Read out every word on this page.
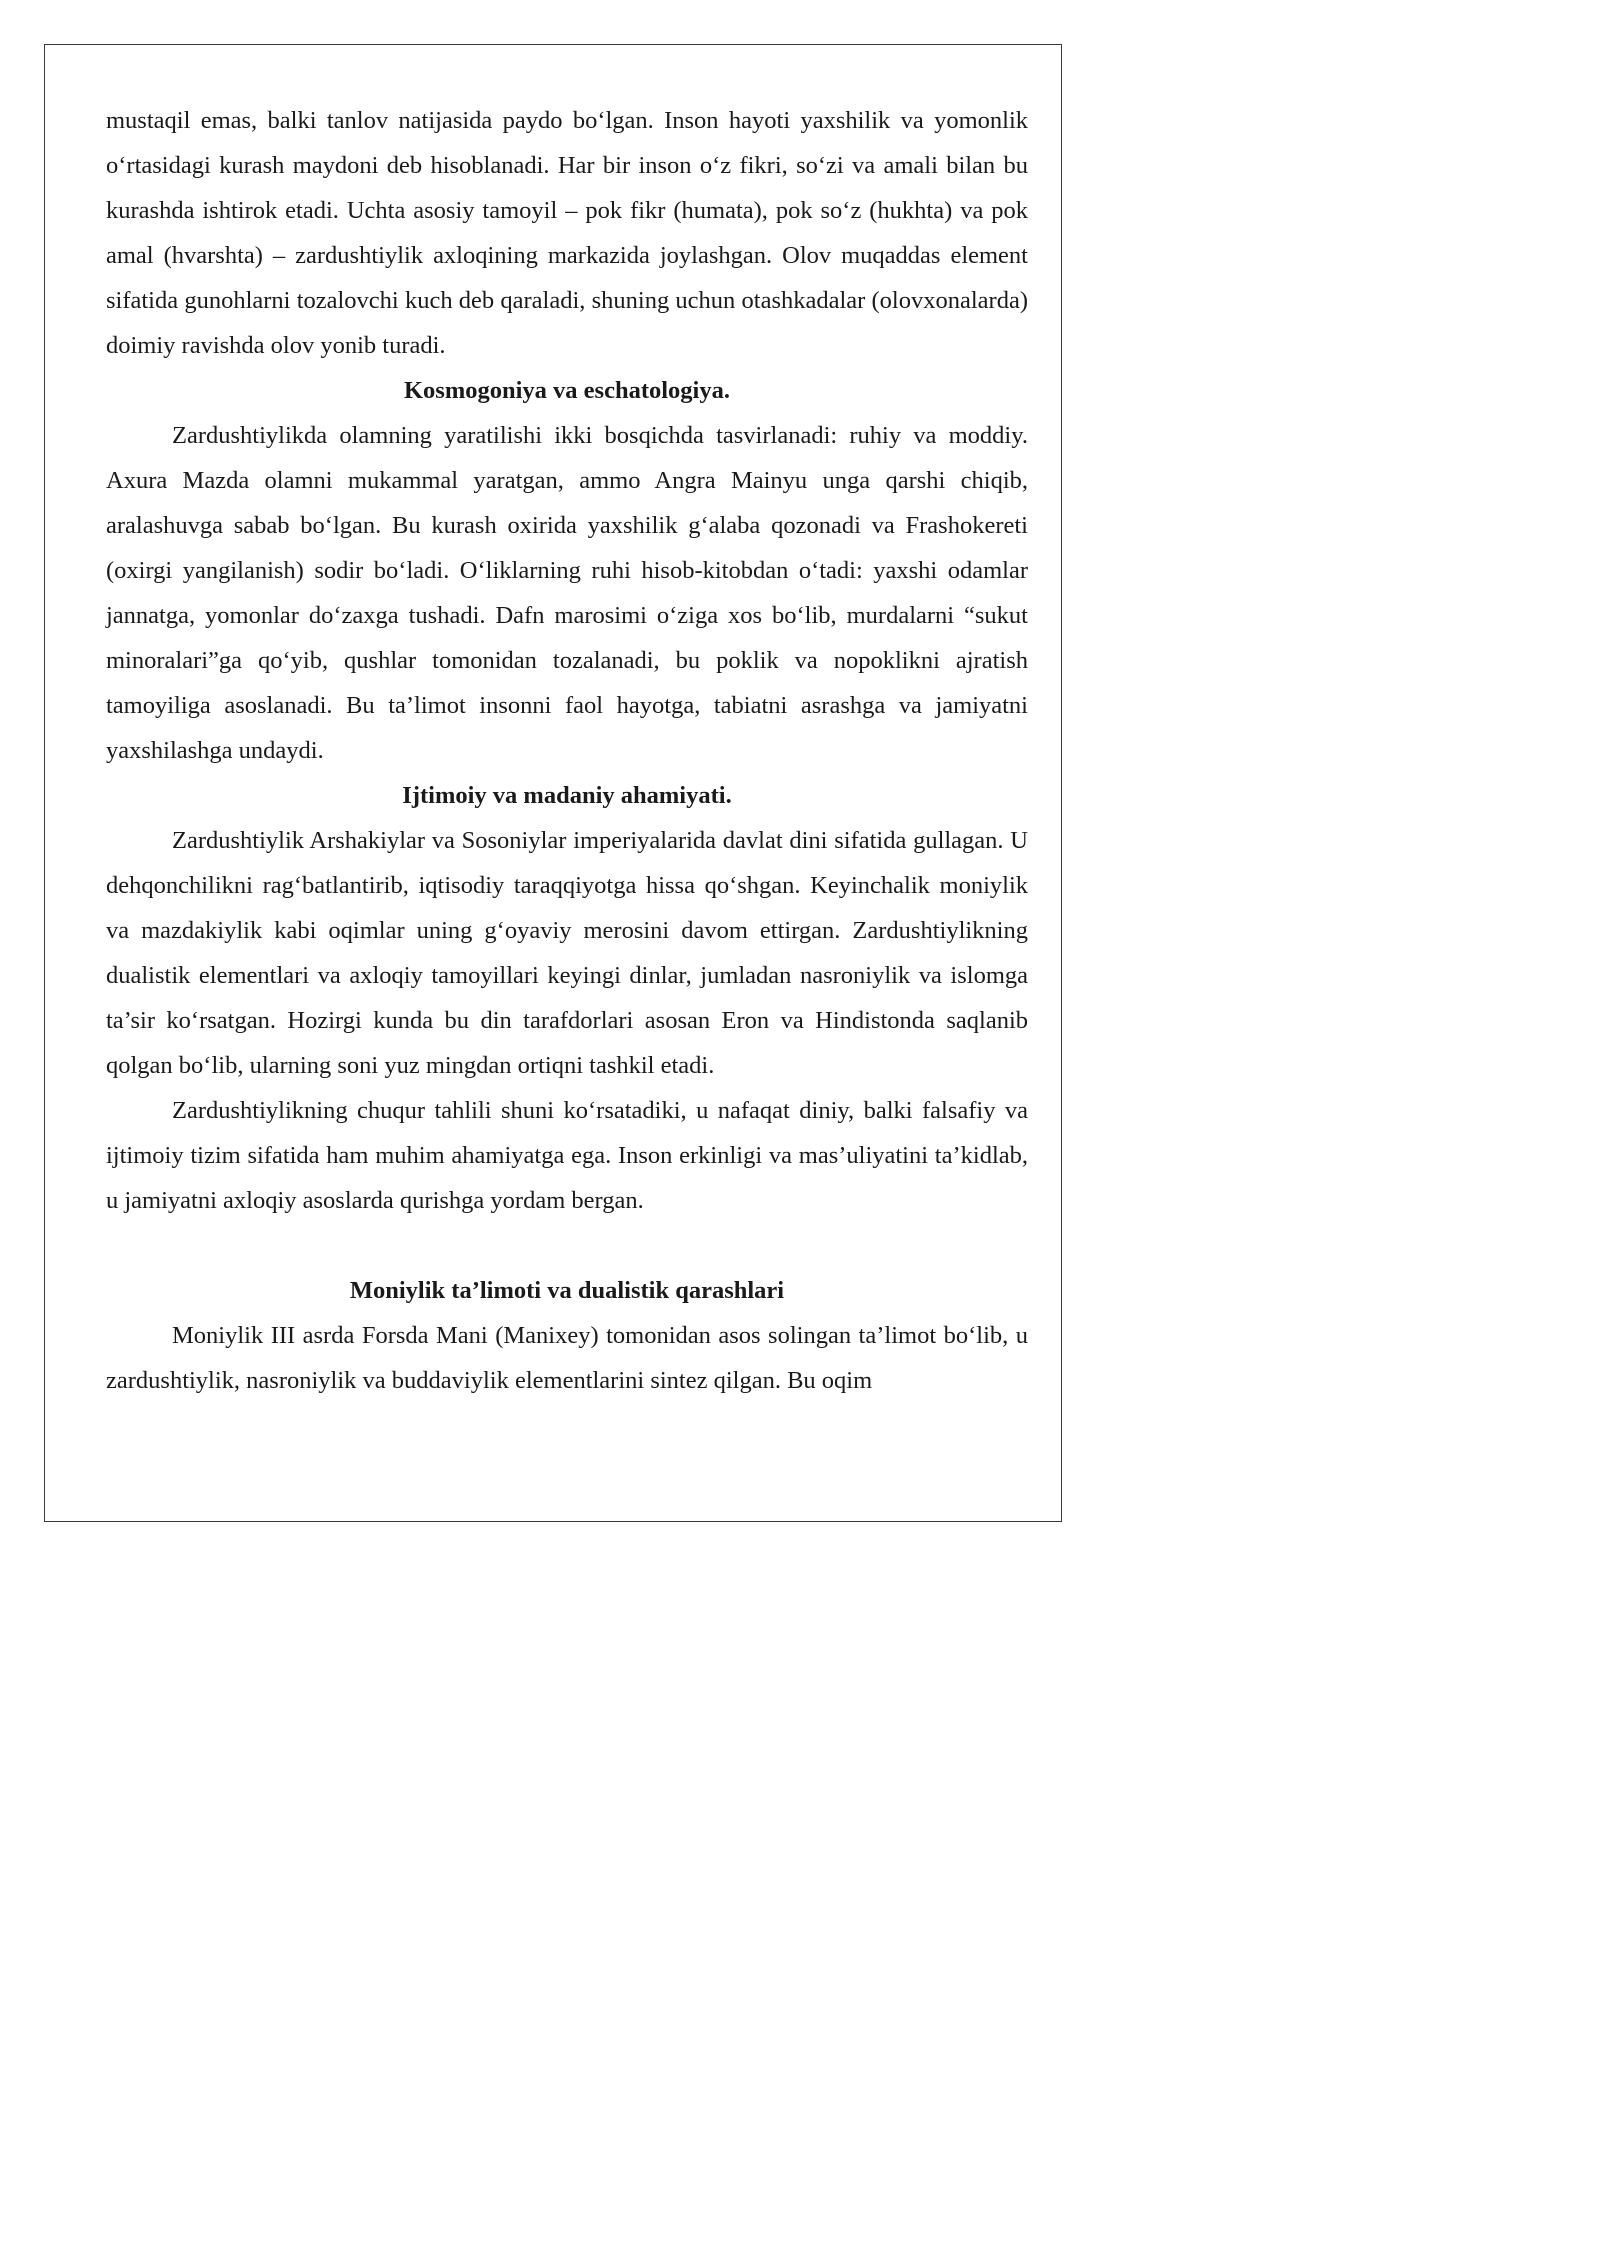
mustaqil emas, balki tanlov natijasida paydo bo‘lgan. Inson hayoti yaxshilik va yomonlik o‘rtasidagi kurash maydoni deb hisoblanadi. Har bir inson o‘z fikri, so‘zi va amali bilan bu kurashda ishtirok etadi. Uchta asosiy tamoyil – pok fikr (humata), pok so‘z (hukhta) va pok amal (hvarshta) – zardushtiylik axloqining markazida joylashgan. Olov muqaddas element sifatida gunohlarni tozalovchi kuch deb qaraladi, shuning uchun otashkadalar (olovxonalarda) doimiy ravishda olov yonib turadi.

Kosmogoniya va eschatologiya.

Zardushtiylikda olamning yaratilishi ikki bosqichda tasvirlanadi: ruhiy va moddiy. Axura Mazda olamni mukammal yaratgan, ammo Angra Mainyu unga qarshi chiqib, aralashuvga sabab bo‘lgan. Bu kurash oxirida yaxshilik g‘alaba qozonadi va Frashokereti (oxirgi yangilanish) sodir bo‘ladi. O‘liklarning ruhi hisob-kitobdan o‘tadi: yaxshi odamlar jannatga, yomonlar do‘zaxga tushadi. Dafn marosimi o‘ziga xos bo‘lib, murdalarni “sukut minoralari”ga qo‘yib, qushlar tomonidan tozalanadi, bu poklik va nopoklikni ajratish tamoyiliga asoslanadi. Bu ta’limot insonni faol hayotga, tabiatni asrashga va jamiyatni yaxshilashga undaydi.

Ijtimoiy va madaniy ahamiyati.

Zardushtiylik Arshakiylar va Sosoniylar imperiyalarida davlat dini sifatida gullagan. U dehqonchilikni rag‘batlantirib, iqtisodiy taraqqiyotga hissa qo‘shgan. Keyinchalik moniylik va mazdakiylik kabi oqimlar uning g‘oyaviy merosini davom ettirgan. Zardushtiylikning dualistik elementlari va axloqiy tamoyillari keyingi dinlar, jumladan nasroniylik va islomga ta’sir ko‘rsatgan. Hozirgi kunda bu din tarafdorlari asosan Eron va Hindistonda saqlanib qolgan bo‘lib, ularning soni yuz mingdan ortiqni tashkil etadi.

Zardushtiylikning chuqur tahlili shuni ko‘rsatadiki, u nafaqat diniy, balki falsafiy va ijtimoiy tizim sifatida ham muhim ahamiyatga ega. Inson erkinligi va mas’uliyatini ta’kidlab, u jamiyatni axloqiy asoslarda qurishga yordam bergan.

Moniylik ta’limoti va dualistik qarashlari

Moniylik III asrda Forsda Mani (Manixey) tomonidan asos solingan ta’limot bo‘lib, u zardushtiylik, nasroniylik va buddaviylik elementlarini sintez qilgan. Bu oqim
